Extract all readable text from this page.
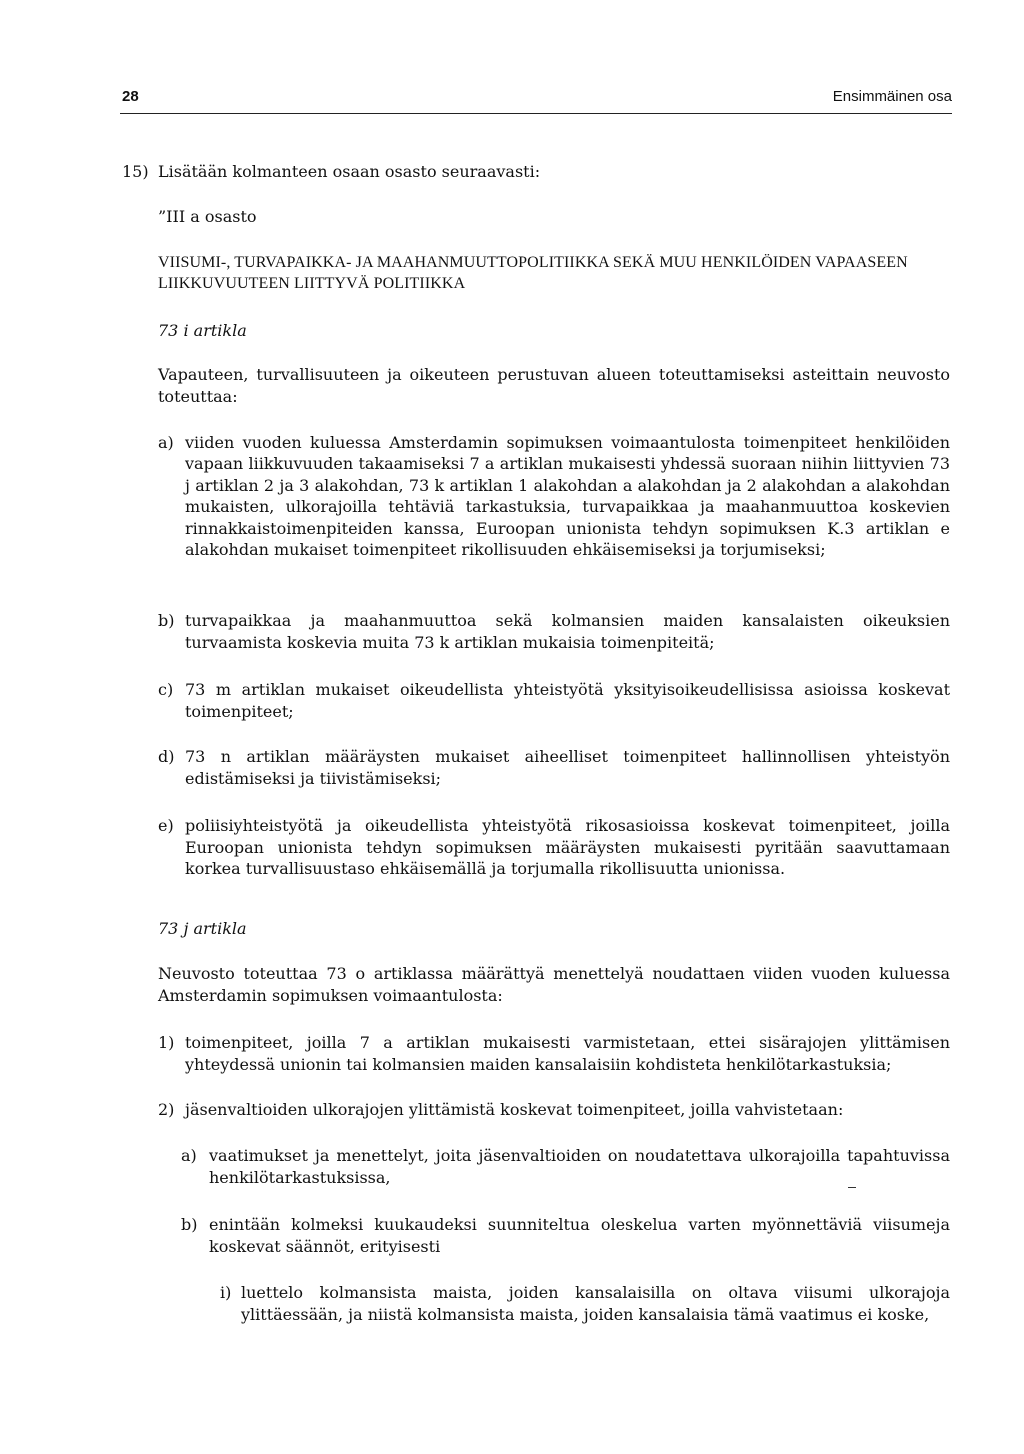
28	Ensimmäinen osa
15) Lisätään kolmanteen osaan osasto seuraavasti:
”III a osasto
VIISUMI-, TURVAPAIKKA- JA MAAHANMUUTTOPOLITIIKKA SEKÄ MUU HENKILÖIDEN VAPAASEEN LIIKKUVUUTEEN LIITTYVÄ POLITIIKKA
73 i artikla
Vapauteen, turvallisuuteen ja oikeuteen perustuvan alueen toteuttamiseksi asteittain neuvosto toteuttaa:
a) viiden vuoden kuluessa Amsterdamin sopimuksen voimaantulosta toimenpiteet henkilöiden vapaan liikkuvuuden takaamiseksi 7 a artiklan mukaisesti yhdessä suoraan niihin liittyvien 73 j artiklan 2 ja 3 alakohdan, 73 k artiklan 1 alakohdan a alakohdan ja 2 alakohdan a alakohdan mukaisten, ulkorajoilla tehtäviä tarkastuksia, turvapaikkaa ja maahanmuuttoa koskevien rinnakkaistoimenpiteiden kanssa, Euroopan unionista tehdyn sopimuksen K.3 artiklan e alakohdan mukaiset toimenpiteet rikollisuuden ehkäisemiseksi ja torjumiseksi;
b) turvapaikkaa ja maahanmuuttoa sekä kolmansien maiden kansalaisten oikeuksien turvaamista koskevia muita 73 k artiklan mukaisia toimenpiteitä;
c) 73 m artiklan mukaiset oikeudellista yhteistyötä yksityisoikeudellisissa asioissa koskevat toimenpiteet;
d) 73 n artiklan määräysten mukaiset aiheelliset toimenpiteet hallinnollisen yhteistyön edistämiseksi ja tiivistämiseksi;
e) poliisiyhteistyötä ja oikeudellista yhteistyötä rikosasioissa koskevat toimenpiteet, joilla Euroopan unionista tehdyn sopimuksen määräysten mukaisesti pyritään saavuttamaan korkea turvallisuustaso ehkäisemällä ja torjumalla rikollisuutta unionissa.
73 j artikla
Neuvosto toteuttaa 73 o artiklassa määrättyä menettelyä noudattaen viiden vuoden kuluessa Amsterdamin sopimuksen voimaantulosta:
1) toimenpiteet, joilla 7 a artiklan mukaisesti varmistetaan, ettei sisärajojen ylittämisen yhteydessä unionin tai kolmansien maiden kansalaisiin kohdisteta henkilötarkastuksia;
2) jäsenvaltioiden ulkorajojen ylittämistä koskevat toimenpiteet, joilla vahvistetaan:
a) vaatimukset ja menettelyt, joita jäsenvaltioiden on noudatettava ulkorajoilla tapahtuvissa henkilötarkastuksissa,
b) enintään kolmeksi kuukaudeksi suunniteltua oleskelua varten myönnettäviä viisumeja koskevat säännöt, erityisesti
i) luettelo kolmansista maista, joiden kansalaisilla on oltava viisumi ulkorajoja ylittäessään, ja niistä kolmansista maista, joiden kansalaisia tämä vaatimus ei koske,
